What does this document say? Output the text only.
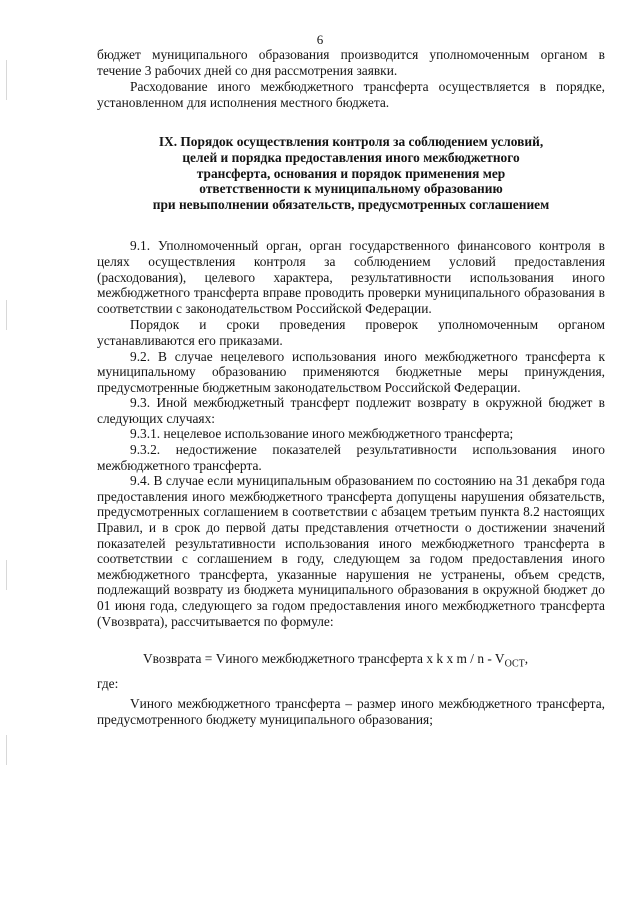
6

бюджет муниципального образования производится уполномоченным органом в течение 3 рабочих дней со дня рассмотрения заявки.

Расходование иного межбюджетного трансферта осуществляется в порядке, установленном для исполнения местного бюджета.

IX. Порядок осуществления контроля за соблюдением условий,
целей и порядка предоставления иного межбюджетного
трансферта, основания и порядок применения мер
ответственности к муниципальному образованию
при невыполнении обязательств, предусмотренных соглашением

9.1. Уполномоченный орган, орган государственного финансового контроля в целях осуществления контроля за соблюдением условий предоставления (расходования), целевого характера, результативности использования иного межбюджетного трансферта вправе проводить проверки муниципального образования в соответствии с законодательством Российской Федерации.

Порядок и сроки проведения проверок уполномоченным органом устанавливаются его приказами.

9.2. В случае нецелевого использования иного межбюджетного трансферта к муниципальному образованию применяются бюджетные меры принуждения, предусмотренные бюджетным законодательством Российской Федерации.

9.3. Иной межбюджетный трансферт подлежит возврату в окружной бюджет в следующих случаях:

9.3.1. нецелевое использование иного межбюджетного трансферта;

9.3.2. недостижение показателей результативности использования иного межбюджетного трансферта.

9.4. В случае если муниципальным образованием по состоянию на 31 декабря года предоставления иного межбюджетного трансферта допущены нарушения обязательств, предусмотренных соглашением в соответствии с абзацем третьим пункта 8.2 настоящих Правил, и в срок до первой даты представления отчетности о достижении значений показателей результативности использования иного межбюджетного трансферта в соответствии с соглашением в году, следующем за годом предоставления иного межбюджетного трансферта, указанные нарушения не устранены, объем средств, подлежащий возврату из бюджета муниципального образования в окружной бюджет до 01 июня года, следующего за годом предоставления иного межбюджетного трансферта (Vвозврата), рассчитывается по формуле:

Vвозврата = Vиного межбюджетного трансферта x k x m / n - $V_{ОСТ}$,

где:

Vиного межбюджетного трансферта – размер иного межбюджетного трансферта, предусмотренного бюджету муниципального образования;
